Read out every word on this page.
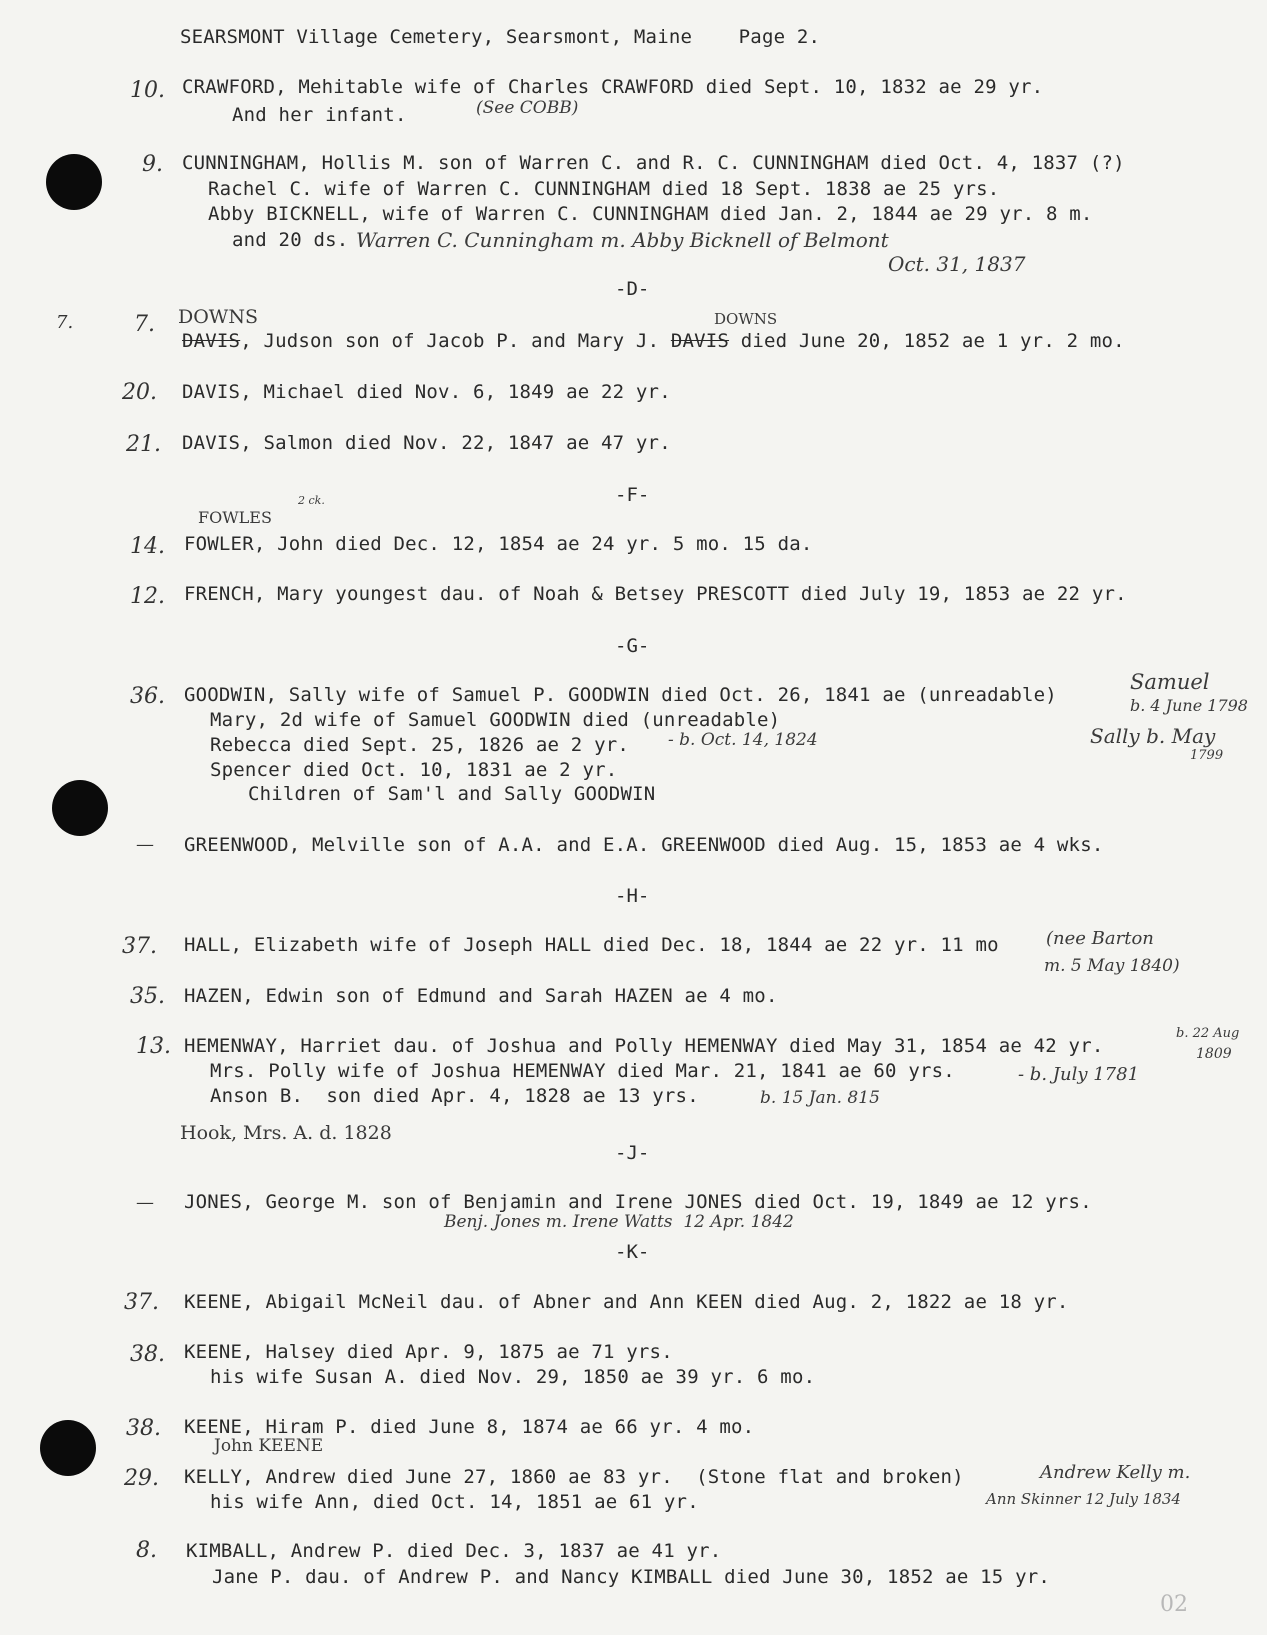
SEARSMONT Village Cemetery, Searsmont, Maine    Page 2.
10. CRAWFORD, Mehitable wife of Charles CRAWFORD died Sept. 10, 1832 ae 29 yr.
And her infant.	(See COBB)
9. CUNNINGHAM, Hollis M. son of Warren C. and R. C. CUNNINGHAM died Oct. 4, 1837 (?)
Rachel C. wife of Warren C. CUNNINGHAM died 18 Sept. 1838 ae 25 yrs.
Abby BICKNELL, wife of Warren C. CUNNINGHAM died Jan. 2, 1844 ae 29 yr. 8 m.
and 20 ds. Warren C. Cunningham m. Abby Bicknell of Belmont
Oct. 31, 1837
-D-
7.	7. DOWNS	DOWNS
DAVIS, Judson son of Jacob P. and Mary J. DAVIS died June 20, 1852 ae 1 yr. 2 mo.
20. DAVIS, Michael died Nov. 6, 1849 ae 22 yr.
21. DAVIS, Salmon died Nov. 22, 1847 ae 47 yr.
-F-
FOWLES
2 ck.
14. FOWLER, John died Dec. 12, 1854 ae 24 yr. 5 mo. 15 da.
12. FRENCH, Mary youngest dau. of Noah & Betsey PRESCOTT died July 19, 1853 ae 22 yr.
-G-
36. GOODWIN, Sally wife of Samuel P. GOODWIN died Oct. 26, 1841 ae (unreadable)
Mary, 2d wife of Samuel GOODWIN died (unreadable)
Rebecca died Sept. 25, 1826 ae 2 yr. - b. Oct. 14, 1824
Spencer died Oct. 10, 1831 ae 2 yr.
Children of Sam'l and Sally GOODWIN
Samuel
b. 4 June 1798
Sally b. May
1799
— GREENWOOD, Melville son of A.A. and E.A. GREENWOOD died Aug. 15, 1853 ae 4 wks.
-H-
37. HALL, Elizabeth wife of Joseph HALL died Dec. 18, 1844 ae 22 yr. 11 mo	(nee Barton
m. 5 May 1840)
35. HAZEN, Edwin son of Edmund and Sarah HAZEN ae 4 mo.
13. HEMENWAY, Harriet dau. of Joshua and Polly HEMENWAY died May 31, 1854 ae 42 yr.
b. 22 Aug
1809
Mrs. Polly wife of Joshua HEMENWAY died Mar. 21, 1841 ae 60 yrs.	- b. July 1781
Anson B.  son died Apr. 4, 1828 ae 13 yrs.	b. 15 Jan. 815
Hook, Mrs. A. d. 1828
-J-
— JONES, George M. son of Benjamin and Irene JONES died Oct. 19, 1849 ae 12 yrs.
Benj. Jones m. Irene Watts  12 Apr. 1842
-K-
37. KEENE, Abigail McNeil dau. of Abner and Ann KEEN died Aug. 2, 1822 ae 18 yr.
38. KEENE, Halsey died Apr. 9, 1875 ae 71 yrs.
his wife Susan A. died Nov. 29, 1850 ae 39 yr. 6 mo.
38. KEENE, Hiram P. died June 8, 1874 ae 66 yr. 4 mo.
John KEENE
29. KELLY, Andrew died June 27, 1860 ae 83 yr.  (Stone flat and broken)
his wife Ann, died Oct. 14, 1851 ae 61 yr.
Andrew Kelly m.
Ann Skinner 12 July 1834
8. KIMBALL, Andrew P. died Dec. 3, 1837 ae 41 yr.
Jane P. dau. of Andrew P. and Nancy KIMBALL died June 30, 1852 ae 15 yr.
02
